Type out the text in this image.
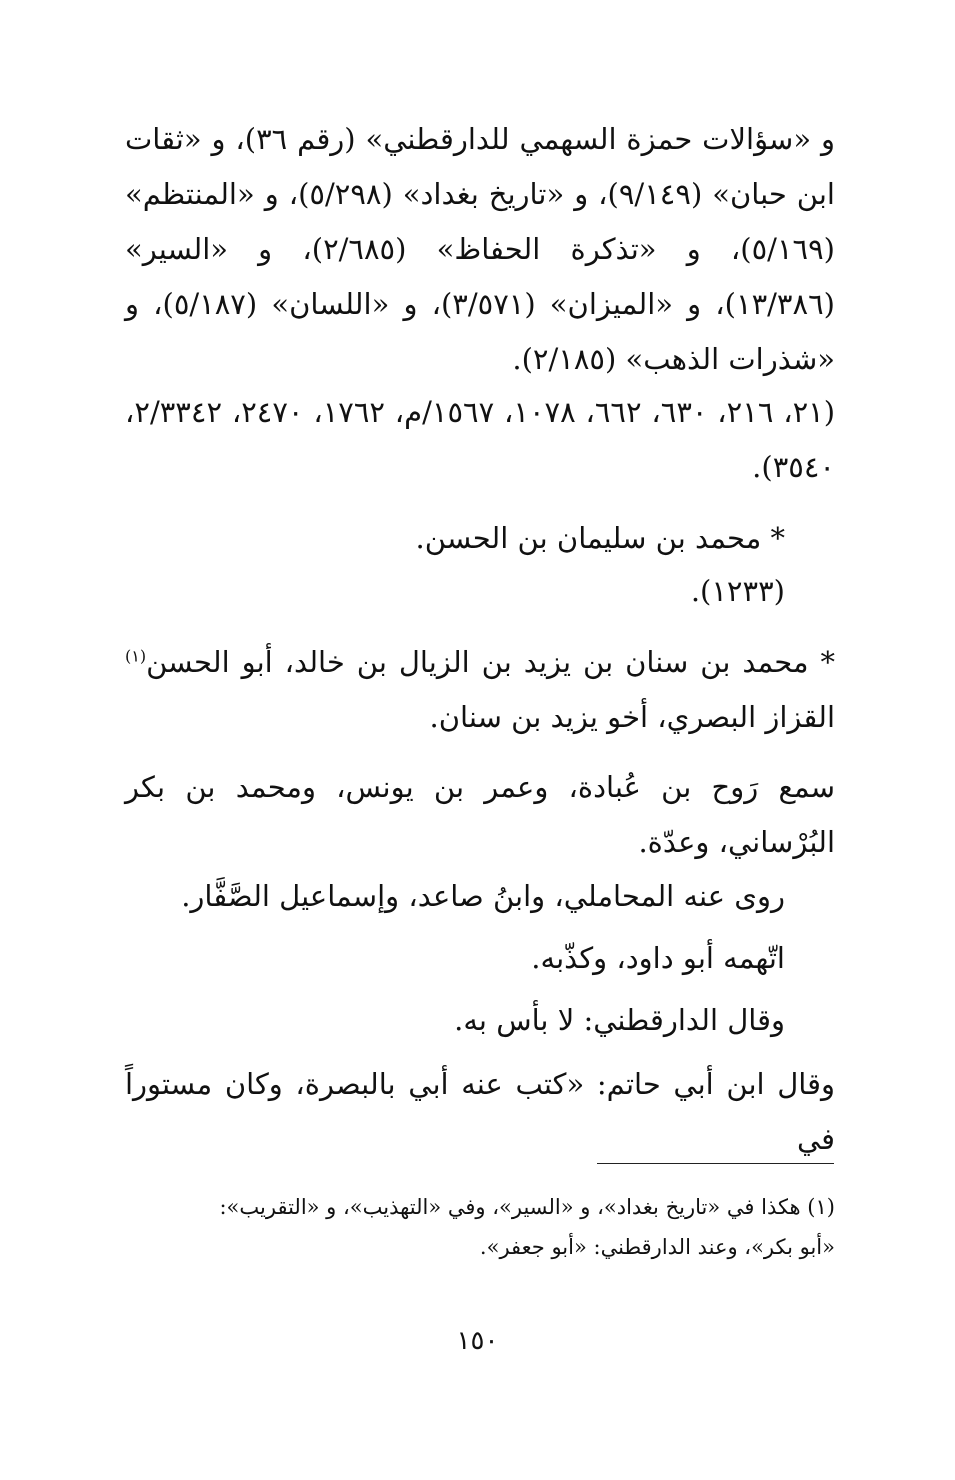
و «سؤالات حمزة السهمي للدارقطني» (رقم ٣٦)، و «ثقات ابن حبان» (٩/١٤٩)، و «تاريخ بغداد» (٥/٢٩٨)، و «المنتظم» (٥/١٦٩)، و «تذكرة الحفاظ» (٢/٦٨٥)، و «السير» (١٣/٣٨٦)، و «الميزان» (٣/٥٧١)، و «اللسان» (٥/١٨٧)، و «شذرات الذهب» (٢/١٨٥).

(٢١، ٢١٦، ٦٣٠، ٦٦٢، ١٠٧٨، ١٥٦٧/م، ١٧٦٢، ٢٤٧٠، ٢/٣٣٤٢، ٣٥٤٠).

* محمد بن سليمان بن الحسن.

(١٢٣٣).

* محمد بن سنان بن يزيد بن الزيال بن خالد، أبو الحسن$^{(١)}$ القزاز البصري، أخو يزيد بن سنان.

سمع رَوح بن عُبادة، وعمر بن يونس، ومحمد بن بكر البُرْساني، وعدّة.

روى عنه المحاملي، وابنُ صاعد، وإسماعيل الصَّفَّار.

اتّهمه أبو داود، وكذّبه.

وقال الدارقطني: لا بأس به.

وقال ابن أبي حاتم: «كتب عنه أبي بالبصرة، وكان مستوراً في

(١) هكذا في «تاريخ بغداد»، و «السير»، وفي «التهذيب»، و «التقريب»:

«أبو بكر»، وعند الدارقطني: «أبو جعفر».

١٥٠
